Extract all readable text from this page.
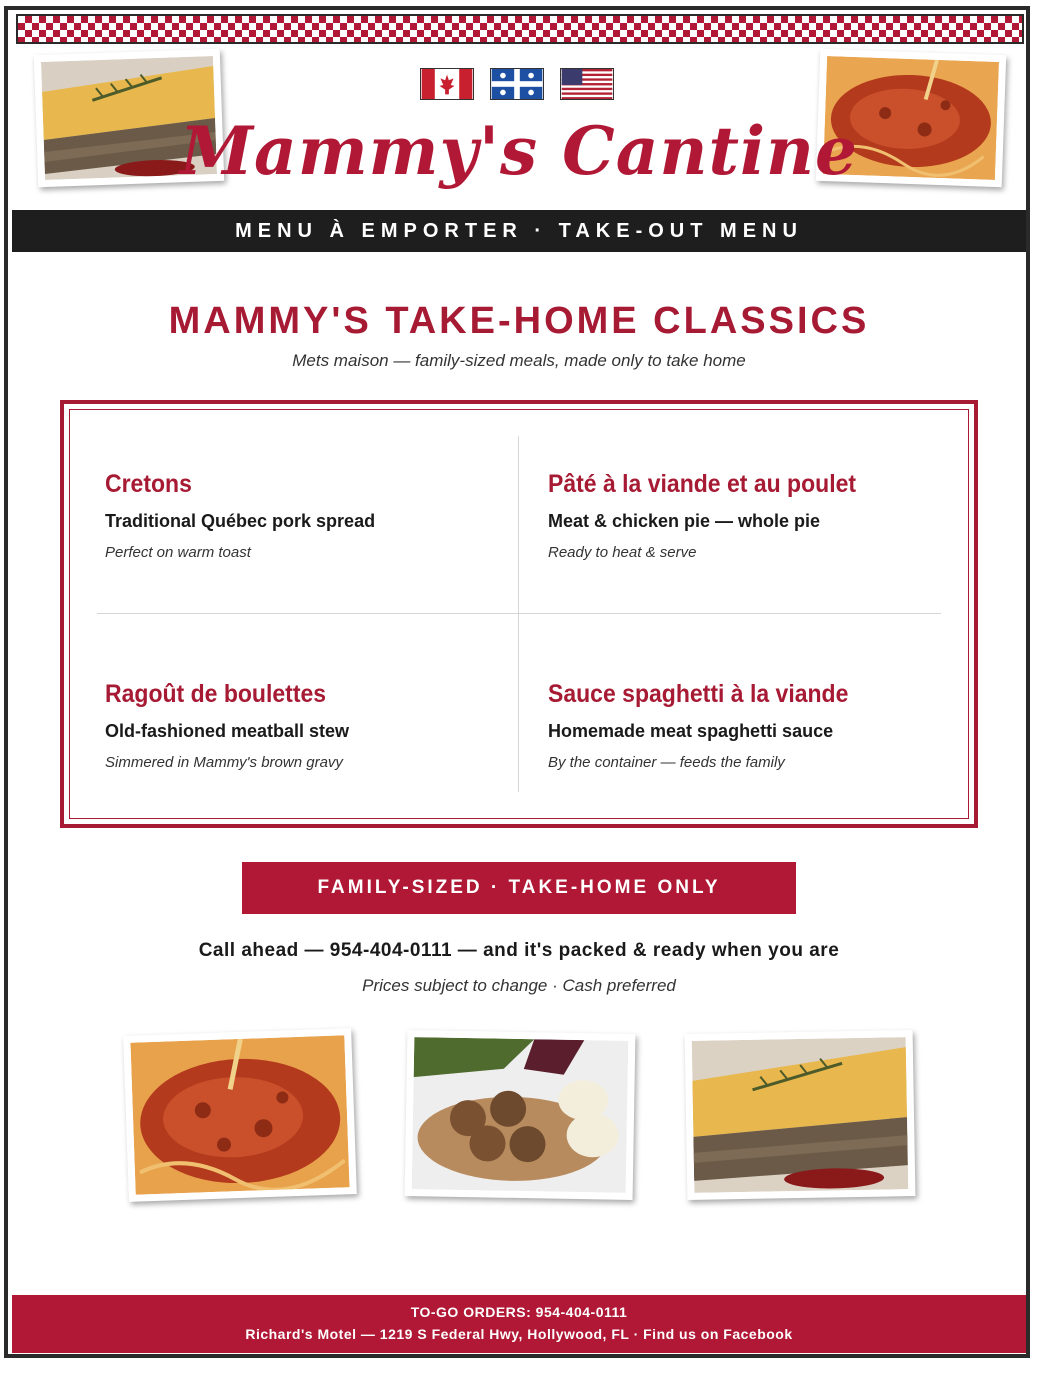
Mammy's Cantine
MENU À EMPORTER · TAKE-OUT MENU
MAMMY'S TAKE-HOME CLASSICS
Mets maison — family-sized meals, made only to take home
Cretons
Traditional Québec pork spread
Perfect on warm toast
Pâté à la viande et au poulet
Meat & chicken pie — whole pie
Ready to heat & serve
Ragoût de boulettes
Old-fashioned meatball stew
Simmered in Mammy's brown gravy
Sauce spaghetti à la viande
Homemade meat spaghetti sauce
By the container — feeds the family
FAMILY-SIZED · TAKE-HOME ONLY
Call ahead — 954-404-0111 — and it's packed & ready when you are
Prices subject to change · Cash preferred
TO-GO ORDERS: 954-404-0111
Richard's Motel — 1219 S Federal Hwy, Hollywood, FL · Find us on Facebook
